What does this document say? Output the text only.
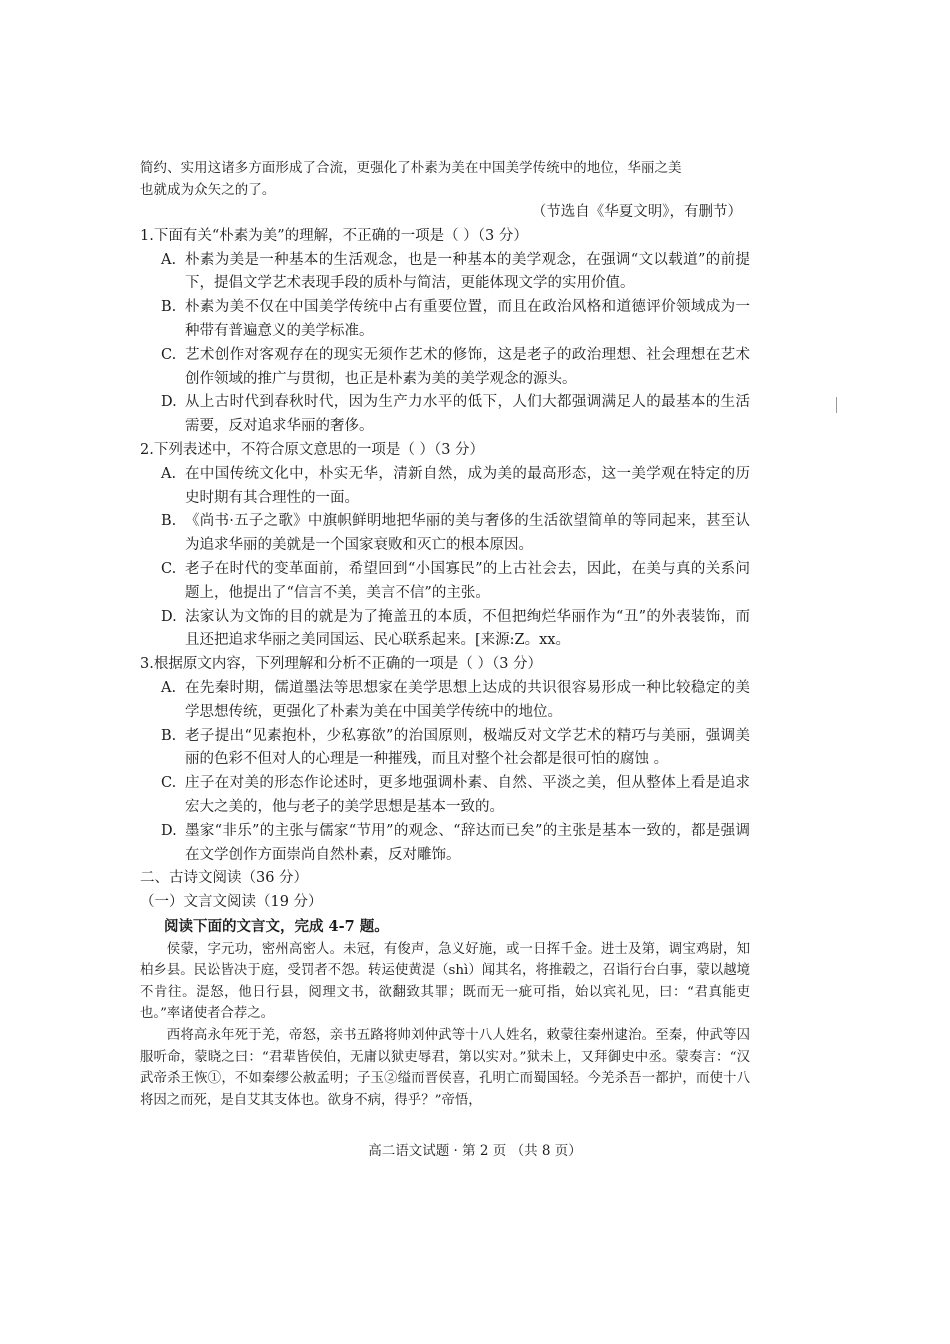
简约、实用这诸多方面形成了合流，更强化了朴素为美在中国美学传统中的地位，华丽之美
也就成为众矢之的了。
（节选自《华夏文明》，有删节）
1.下面有关“朴素为美”的理解，不正确的一项是（ ）（3 分）
A. 朴素为美是一种基本的生活观念，也是一种基本的美学观念，在强调“文以载道”的前提下，提倡文学艺术表现手段的质朴与简洁，更能体现文学的实用价值。
B. 朴素为美不仅在中国美学传统中占有重要位置，而且在政治风格和道德评价领域成为一种带有普遍意义的美学标准。
C. 艺术创作对客观存在的现实无须作艺术的修饰，这是老子的政治理想、社会理想在艺术创作领域的推广与贯彻，也正是朴素为美的美学观念的源头。
D. 从上古时代到春秋时代，因为生产力水平的低下，人们大都强调满足人的最基本的生活需要，反对追求华丽的奢侈。
2.下列表述中，不符合原文意思的一项是（ ）（3 分）
A. 在中国传统文化中，朴实无华，清新自然，成为美的最高形态，这一美学观在特定的历史时期有其合理性的一面。
B. 《尚书·五子之歌》中旗帜鲜明地把华丽的美与奢侈的生活欲望简单的等同起来，甚至认为追求华丽的美就是一个国家衰败和灭亡的根本原因。
C. 老子在时代的变革面前，希望回到“小国寡民”的上古社会去，因此，在美与真的关系问题上，他提出了“信言不美，美言不信”的主张。
D. 法家认为文饰的目的就是为了掩盖丑的本质，不但把绚烂华丽作为“丑”的外表装饰，而且还把追求华丽之美同国运、民心联系起来。[来源:Z。xx。
3.根据原文内容，下列理解和分析不正确的一项是（ ）（3 分）
A. 在先秦时期，儒道墨法等思想家在美学思想上达成的共识很容易形成一种比较稳定的美学思想传统，更强化了朴素为美在中国美学传统中的地位。
B. 老子提出“见素抱朴，少私寡欲”的治国原则，极端反对文学艺术的精巧与美丽，强调美丽的色彩不但对人的心理是一种摧残，而且对整个社会都是很可怕的腐蚀 。
C. 庄子在对美的形态作论述时，更多地强调朴素、自然、平淡之美，但从整体上看是追求宏大之美的，他与老子的美学思想是基本一致的。
D. 墨家“非乐”的主张与儒家“节用”的观念、“辞达而已矣”的主张是基本一致的，都是强调在文学创作方面崇尚自然朴素，反对雕饰。
二、古诗文阅读（36 分）
（一）文言文阅读（19 分）
阅读下面的文言文，完成 4-7 题。
侯蒙，字元功，密州高密人。未冠，有俊声，急义好施，或一日挥千金。进士及第，调宝鸡尉，知柏乡县。民讼皆决于庭，受罚者不怨。转运使黄湜（shì）闻其名，将推毂之，召诣行台白事，蒙以越境不肯往。湜怒，他日行县，阅理文书，欲翻致其罪；既而无一疵可指，始以宾礼见，曰：“君真能吏也。”率诸使者合荐之。
西将高永年死于羌，帝怒，亲书五路将帅刘仲武等十八人姓名，敕蒙往秦州逮治。至秦，仲武等囚服听命，蒙晓之曰：“君辈皆侯伯，无庸以狱吏辱君，第以实对。”狱未上，又拜御史中丞。蒙奏言：“汉武帝杀王恢①，不如秦缪公赦孟明；子玉②缢而晋侯喜，孔明亡而蜀国轻。今羌杀吾一都护，而使十八将因之而死，是自艾其支体也。欲身不病，得乎？”帝悟，
高二语文试题 · 第 2 页 （共 8 页）
